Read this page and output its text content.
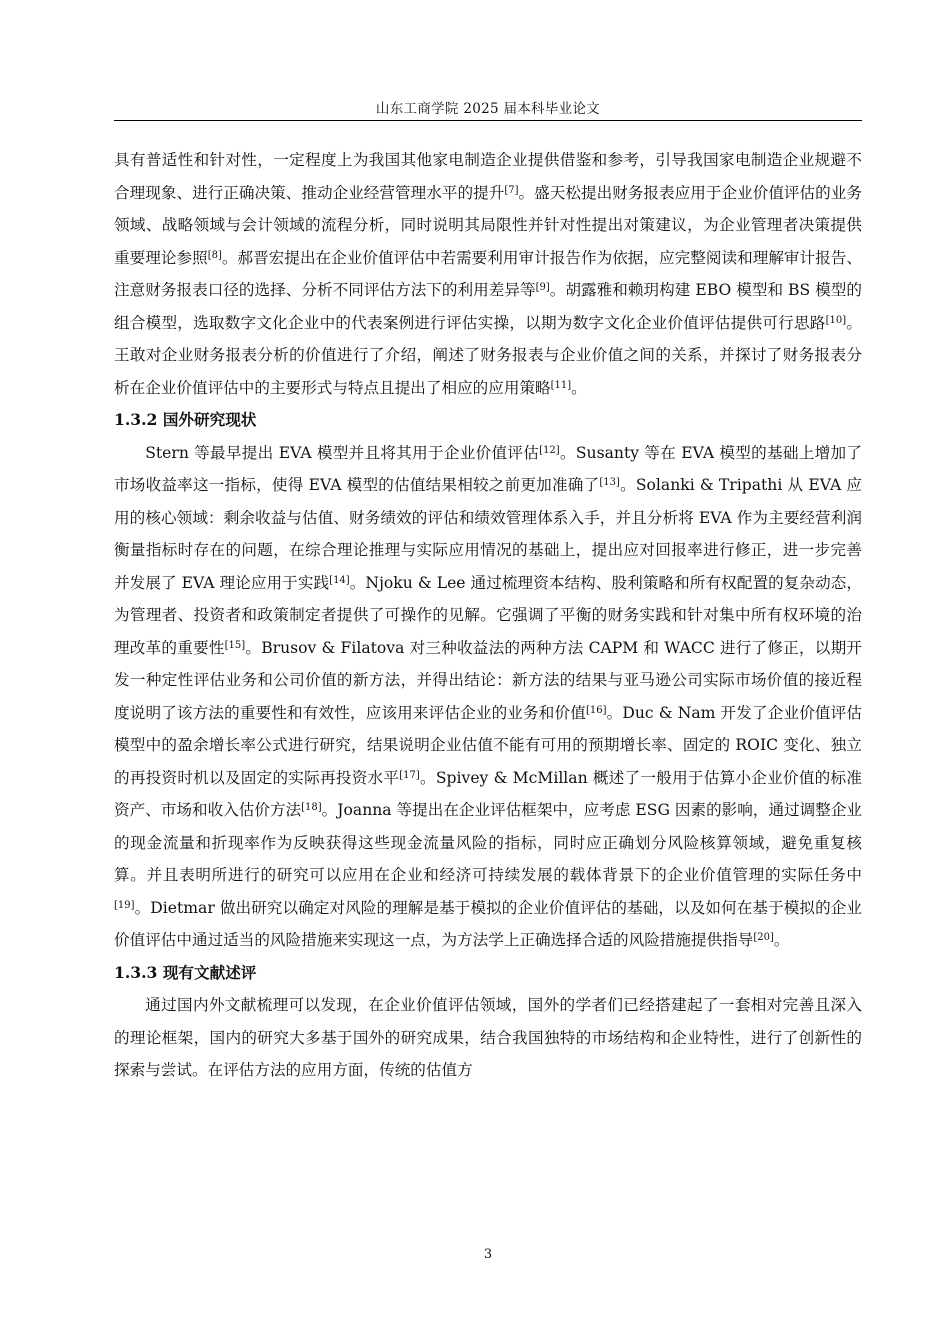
山东工商学院 2025 届本科毕业论文

具有普适性和针对性，一定程度上为我国其他家电制造企业提供借鉴和参考，引导我国家电制造企业规避不合理现象、进行正确决策、推动企业经营管理水平的提升[7]。盛天松提出财务报表应用于企业价值评估的业务领域、战略领域与会计领域的流程分析，同时说明其局限性并针对性提出对策建议，为企业管理者决策提供重要理论参照[8]。郝晋宏提出在企业价值评估中若需要利用审计报告作为依据，应完整阅读和理解审计报告、注意财务报表口径的选择、分析不同评估方法下的利用差异等[9]。胡露雅和赖玥构建 EBO 模型和 BS 模型的组合模型，选取数字文化企业中的代表案例进行评估实操，以期为数字文化企业价值评估提供可行思路[10]。王敢对企业财务报表分析的价值进行了介绍，阐述了财务报表与企业价值之间的关系，并探讨了财务报表分析在企业价值评估中的主要形式与特点且提出了相应的应用策略[11]。

1.3.2 国外研究现状

Stern 等最早提出 EVA 模型并且将其用于企业价值评估[12]。Susanty 等在 EVA 模型的基础上增加了市场收益率这一指标，使得 EVA 模型的估值结果相较之前更加准确了[13]。Solanki & Tripathi 从 EVA 应用的核心领域：剩余收益与估值、财务绩效的评估和绩效管理体系入手，并且分析将 EVA 作为主要经营利润衡量指标时存在的问题，在综合理论推理与实际应用情况的基础上，提出应对回报率进行修正，进一步完善并发展了 EVA 理论应用于实践[14]。Njoku & Lee 通过梳理资本结构、股利策略和所有权配置的复杂动态，为管理者、投资者和政策制定者提供了可操作的见解。它强调了平衡的财务实践和针对集中所有权环境的治理改革的重要性[15]。Brusov & Filatova 对三种收益法的两种方法 CAPM 和 WACC 进行了修正，以期开发一种定性评估业务和公司价值的新方法，并得出结论：新方法的结果与亚马逊公司实际市场价值的接近程度说明了该方法的重要性和有效性，应该用来评估企业的业务和价值[16]。Duc & Nam 开发了企业价值评估模型中的盈余增长率公式进行研究，结果说明企业估值不能有可用的预期增长率、固定的 ROIC 变化、独立的再投资时机以及固定的实际再投资水平[17]。Spivey & McMillan 概述了一般用于估算小企业价值的标准资产、市场和收入估价方法[18]。Joanna 等提出在企业评估框架中，应考虑 ESG 因素的影响，通过调整企业的现金流量和折现率作为反映获得这些现金流量风险的指标，同时应正确划分风险核算领域，避免重复核算。并且表明所进行的研究可以应用在企业和经济可持续发展的载体背景下的企业价值管理的实际任务中[19]。Dietmar 做出研究以确定对风险的理解是基于模拟的企业价值评估的基础，以及如何在基于模拟的企业价值评估中通过适当的风险措施来实现这一点，为方法学上正确选择合适的风险措施提供指导[20]。

1.3.3 现有文献述评

通过国内外文献梳理可以发现，在企业价值评估领域，国外的学者们已经搭建起了一套相对完善且深入的理论框架，国内的研究大多基于国外的研究成果，结合我国独特的市场结构和企业特性，进行了创新性的探索与尝试。在评估方法的应用方面，传统的估值方

3
